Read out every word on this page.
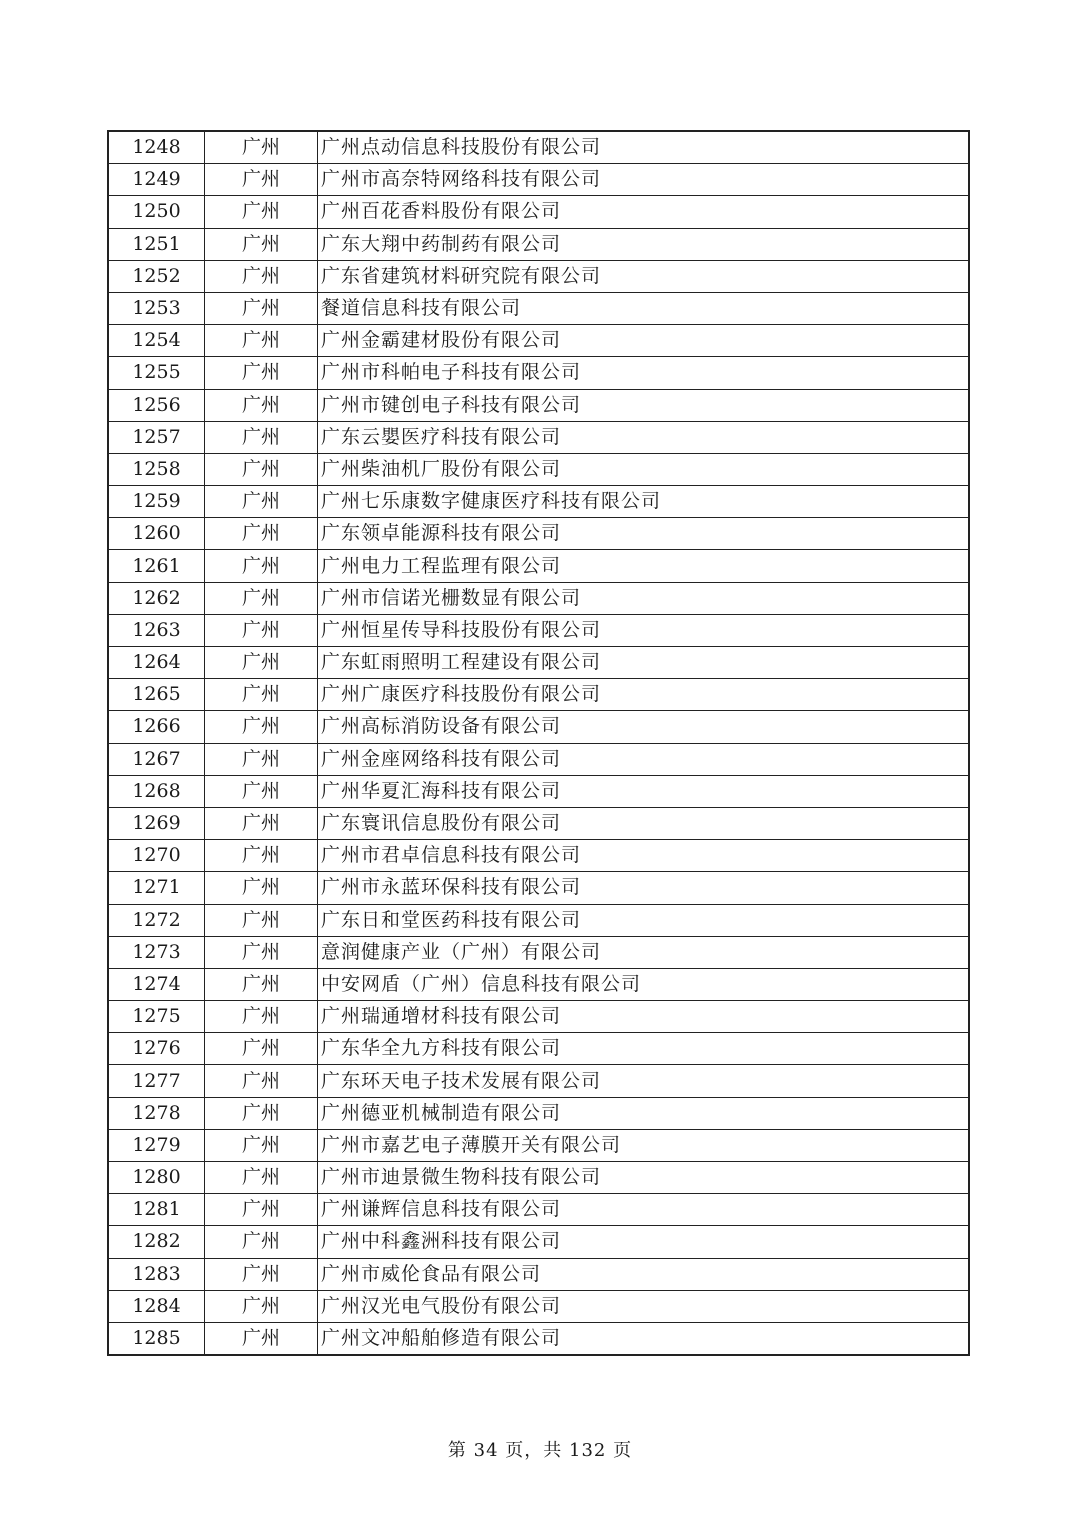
1248	广州	广州点动信息科技股份有限公司
1249	广州	广州市高奈特网络科技有限公司
1250	广州	广州百花香料股份有限公司
1251	广州	广东大翔中药制药有限公司
1252	广州	广东省建筑材料研究院有限公司
1253	广州	餐道信息科技有限公司
1254	广州	广州金霸建材股份有限公司
1255	广州	广州市科帕电子科技有限公司
1256	广州	广州市键创电子科技有限公司
1257	广州	广东云嬰医疗科技有限公司
1258	广州	广州柴油机厂股份有限公司
1259	广州	广州七乐康数字健康医疗科技有限公司
1260	广州	广东领卓能源科技有限公司
1261	广州	广州电力工程监理有限公司
1262	广州	广州市信诺光栅数显有限公司
1263	广州	广州恒星传导科技股份有限公司
1264	广州	广东虹雨照明工程建设有限公司
1265	广州	广州广康医疗科技股份有限公司
1266	广州	广州高标消防设备有限公司
1267	广州	广州金座网络科技有限公司
1268	广州	广州华夏汇海科技有限公司
1269	广州	广东寰讯信息股份有限公司
1270	广州	广州市君卓信息科技有限公司
1271	广州	广州市永蓝环保科技有限公司
1272	广州	广东日和堂医药科技有限公司
1273	广州	意润健康产业（广州）有限公司
1274	广州	中安网盾（广州）信息科技有限公司
1275	广州	广州瑞通增材科技有限公司
1276	广州	广东华全九方科技有限公司
1277	广州	广东环天电子技术发展有限公司
1278	广州	广州德亚机械制造有限公司
1279	广州	广州市嘉艺电子薄膜开关有限公司
1280	广州	广州市迪景微生物科技有限公司
1281	广州	广州谦辉信息科技有限公司
1282	广州	广州中科鑫洲科技有限公司
1283	广州	广州市威伦食品有限公司
1284	广州	广州汉光电气股份有限公司
1285	广州	广州文冲船舶修造有限公司
第 34 页，共 132 页
